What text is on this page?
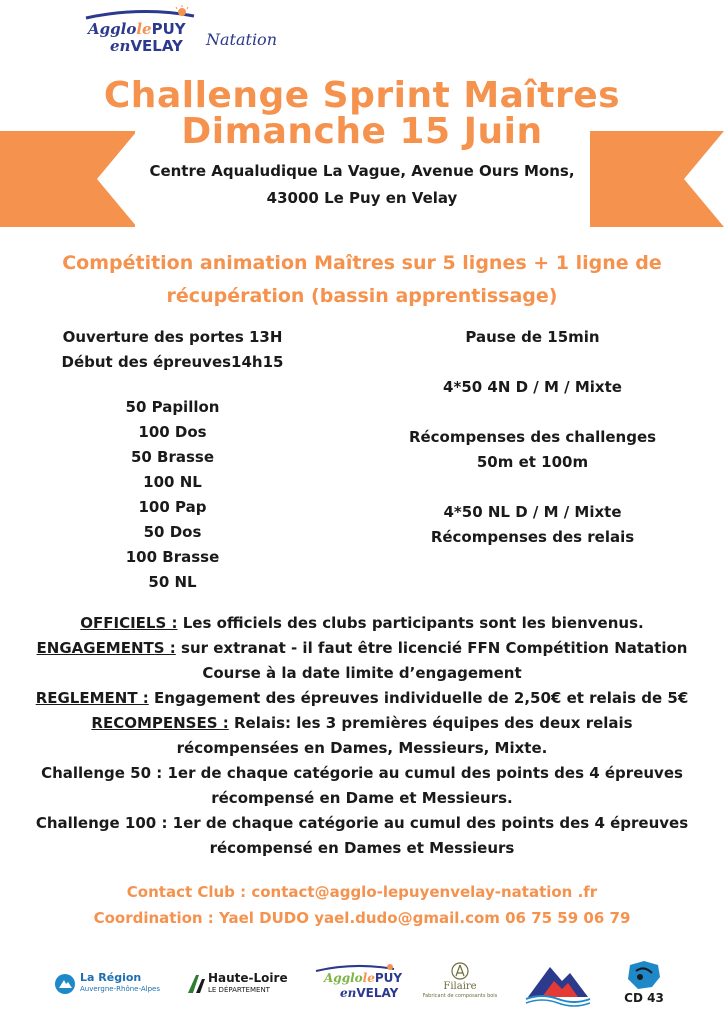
AgglolePUY
enVELAY Natation
Challenge Sprint Maîtres
Dimanche 15 Juin
Centre Aqualudique La Vague, Avenue Ours Mons,
43000 Le Puy en Velay
Compétition animation Maîtres sur 5 lignes + 1 ligne de
récupération (bassin apprentissage)
Ouverture des portes 13H
Début des épreuves14h15
50 Papillon
100 Dos
50 Brasse
100 NL
100 Pap
50 Dos
100 Brasse
50 NL
Pause de 15min
4*50 4N D / M / Mixte
Récompenses des challenges
50m et 100m
4*50 NL D / M / Mixte
Récompenses des relais
OFFICIELS : Les officiels des clubs participants sont les bienvenus.
ENGAGEMENTS : sur extranat - il faut être licencié FFN Compétition Natation
Course à la date limite d’engagement
REGLEMENT : Engagement des épreuves individuelle de 2,50€ et relais de 5€
RECOMPENSES : Relais: les 3 premières équipes des deux relais
récompensées en Dames, Messieurs, Mixte.
Challenge 50 : 1er de chaque catégorie au cumul des points des 4 épreuves
récompensé en Dame et Messieurs.
Challenge 100 : 1er de chaque catégorie au cumul des points des 4 épreuves
récompensé en Dames et Messieurs
Contact Club : contact@agglo-lepuyenvelay-natation .fr
Coordination : Yael DUDO yael.dudo@gmail.com 06 75 59 06 79
La Région
Auvergne-Rhône-Alpes
Haute-Loire
LE DÉPARTEMENT
AgglolePUY
enVELAY	Filaire
Fabricant de composants bois	CD 43
